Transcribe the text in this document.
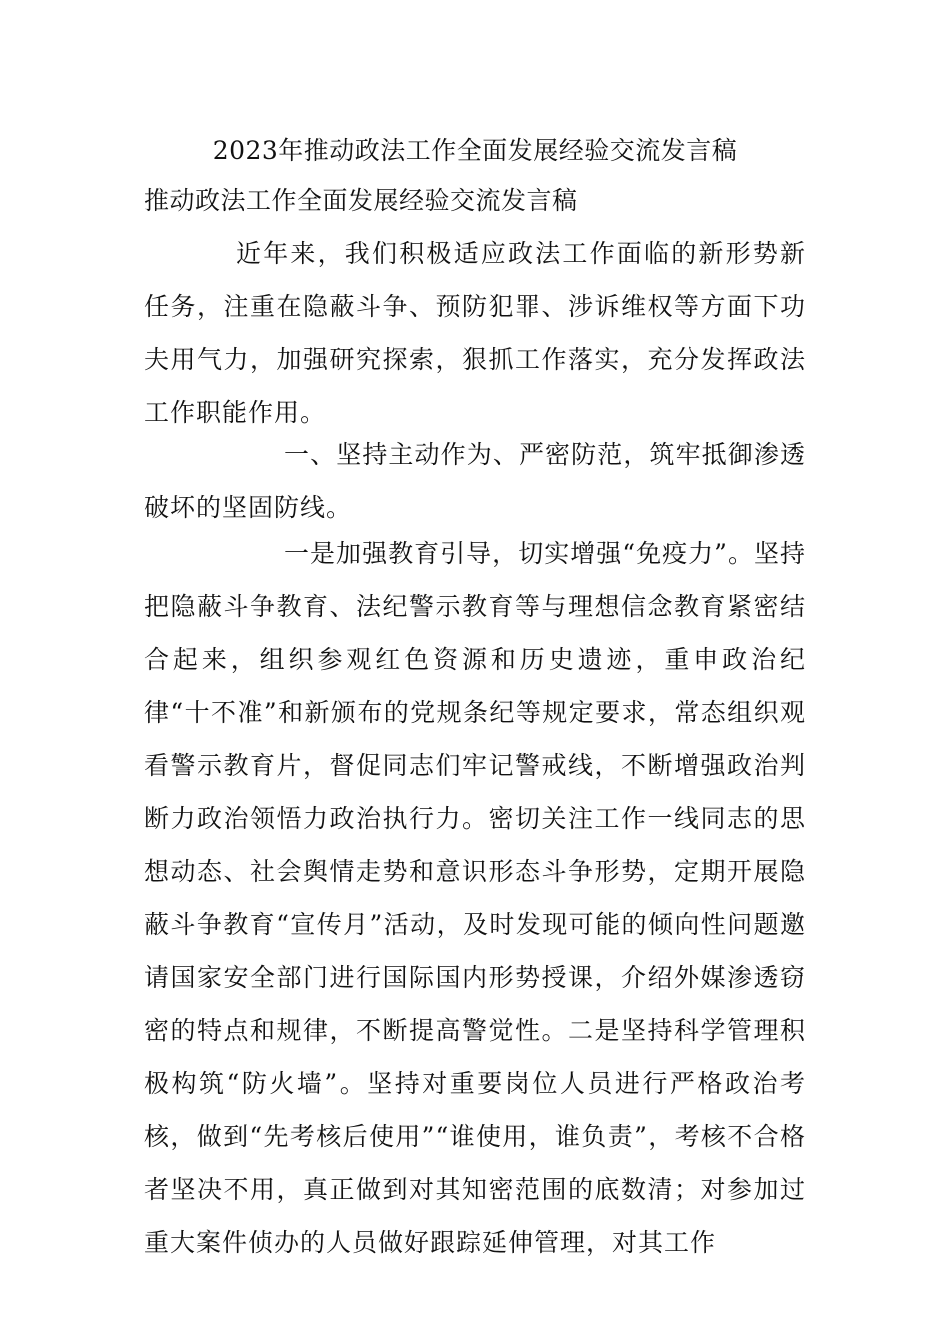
2023年推动政法工作全面发展经验交流发言稿
推动政法工作全面发展经验交流发言稿

近年来，我们积极适应政法工作面临的新形势新任务，注重在隐蔽斗争、预防犯罪、涉诉维权等方面下功夫用气力，加强研究探索，狠抓工作落实，充分发挥政法工作职能作用。

一、坚持主动作为、严密防范，筑牢抵御渗透破坏的坚固防线。

一是加强教育引导，切实增强“免疫力”。坚持把隐蔽斗争教育、法纪警示教育等与理想信念教育紧密结合起来，组织参观红色资源和历史遗迹，重申政治纪律“十不准”和新颁布的党规条纪等规定要求，常态组织观看警示教育片，督促同志们牢记警戒线，不断增强政治判断力政治领悟力政治执行力。密切关注工作一线同志的思想动态、社会舆情走势和意识形态斗争形势，定期开展隐蔽斗争教育“宣传月”活动，及时发现可能的倾向性问题邀请国家安全部门进行国际国内形势授课，介绍外媒渗透窃密的特点和规律，不断提高警觉性。二是坚持科学管理积极构筑“防火墙”。坚持对重要岗位人员进行严格政治考核，做到“先考核后使用”“谁使用，谁负责”，考核不合格者坚决不用，真正做到对其知密范围的底数清；对参加过重大案件侦办的人员做好跟踪延伸管理，对其工作
